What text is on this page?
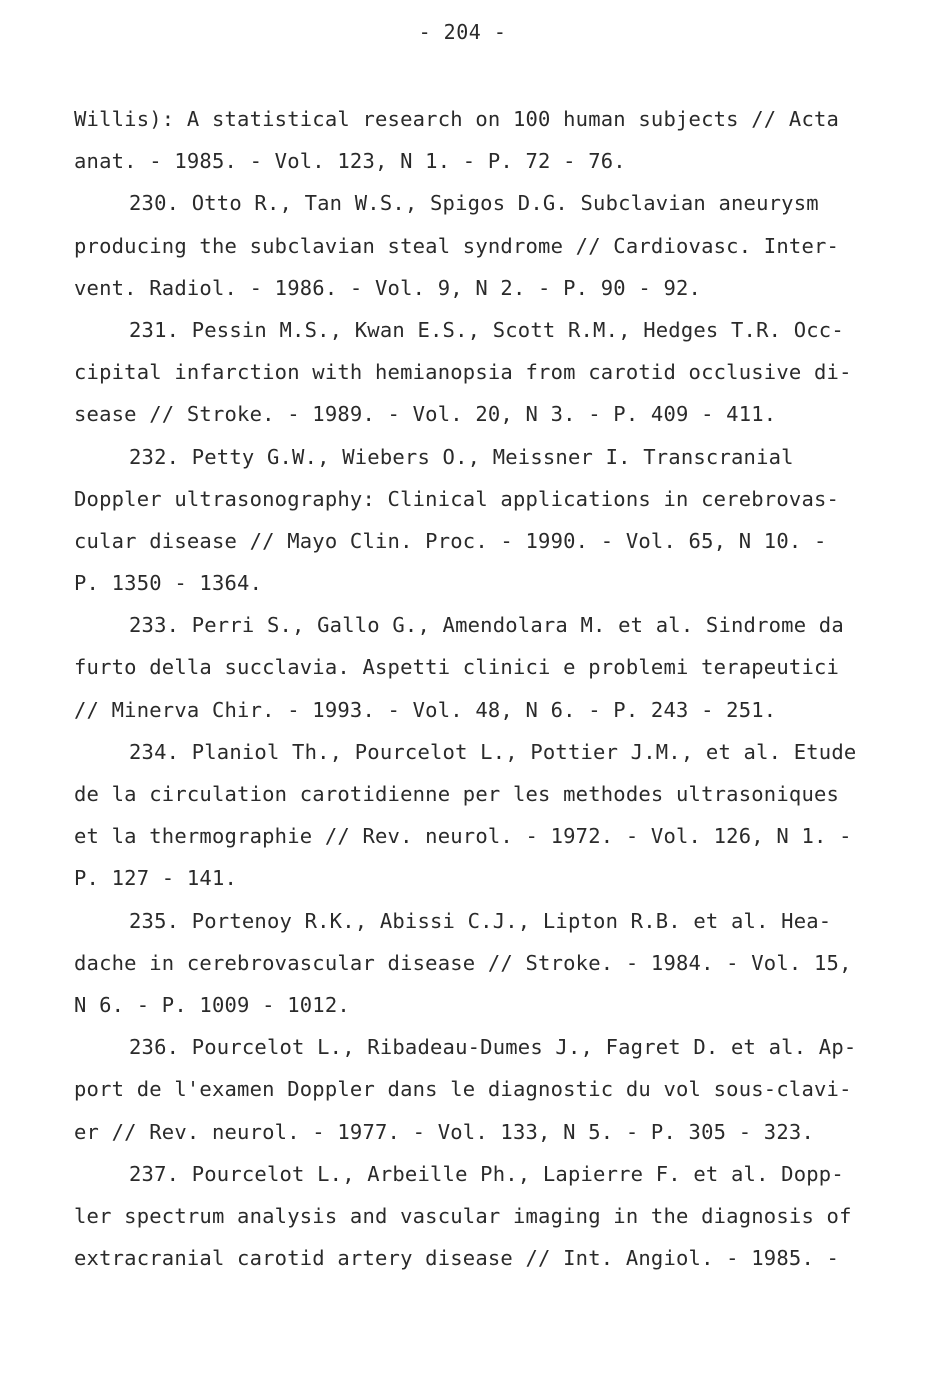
- 204 -
Willis): A statistical research on 100 human subjects // Acta
anat. - 1985. - Vol. 123, N 1. - P. 72 - 76.
230. Otto R., Tan W.S., Spigos D.G. Subclavian aneurysm
producing the subclavian steal syndrome // Cardiovasc. Inter-
vent. Radiol. - 1986. - Vol. 9, N 2. - P. 90 - 92.
231. Pessin M.S., Kwan E.S., Scott R.M., Hedges T.R. Occ-
cipital infarction with hemianopsia from carotid occlusive di-
sease // Stroke. - 1989. - Vol. 20, N 3. - P. 409 - 411.
232. Petty G.W., Wiebers O., Meissner I. Transcranial
Doppler ultrasonography: Clinical applications in cerebrovas-
cular disease // Mayo Clin. Proc. - 1990. - Vol. 65, N 10. -
P. 1350 - 1364.
233. Perri S., Gallo G., Amendolara M. et al. Sindrome da
furto della succlavia. Aspetti clinici e problemi terapeutici
// Minerva Chir. - 1993. - Vol. 48, N 6. - P. 243 - 251.
234. Planiol Th., Pourcelot L., Pottier J.M., et al. Etude
de la circulation carotidienne per les methodes ultrasoniques
et la thermographie // Rev. neurol. - 1972. - Vol. 126, N 1. -
P. 127 - 141.
235. Portenoy R.K., Abissi C.J., Lipton R.B. et al. Hea-
dache in cerebrovascular disease // Stroke. - 1984. - Vol. 15,
N 6. - P. 1009 - 1012.
236. Pourcelot L., Ribadeau-Dumes J., Fagret D. et al. Ap-
port de l'examen Doppler dans le diagnostic du vol sous-clavi-
er // Rev. neurol. - 1977. - Vol. 133, N 5. - P. 305 - 323.
237. Pourcelot L., Arbeille Ph., Lapierre F. et al. Dopp-
ler spectrum analysis and vascular imaging in the diagnosis of
extracranial carotid artery disease // Int. Angiol. - 1985. -
